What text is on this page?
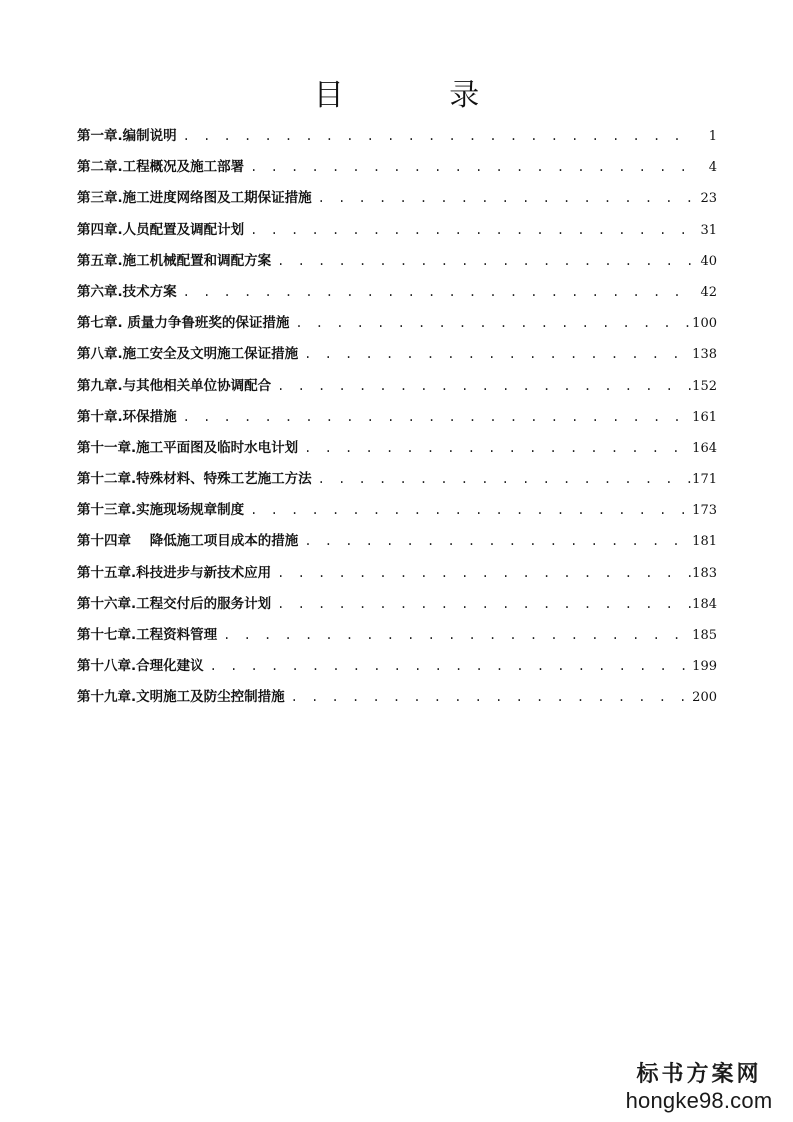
目 录
第一章.编制说明 . . .	1
第二章.工程概况及施工部署 . . .	4
第三章.施工进度网络图及工期保证措施 . . .	23
第四章.人员配置及调配计划 . . .	31
第五章.施工机械配置和调配方案 . . .	40
第六章.技术方案 . . .	42
第七章. 质量力争鲁班奖的保证措施 . . .	100
第八章.施工安全及文明施工保证措施 . . .	138
第九章.与其他相关单位协调配合 . . .	152
第十章.环保措施 . . .	161
第十一章.施工平面图及临时水电计划 . . .	164
第十二章.特殊材料、特殊工艺施工方法 . . .	171
第十三章.实施现场规章制度 . . .	173
第十四章    降低施工项目成本的措施 . . .	181
第十五章.科技进步与新技术应用 . . .	183
第十六章.工程交付后的服务计划 . . .	184
第十七章.工程资料管理 . . .	185
第十八章.合理化建议 . . .	199
第十九章.文明施工及防尘控制措施 . . .	200
标书方案网
hongke98.com
